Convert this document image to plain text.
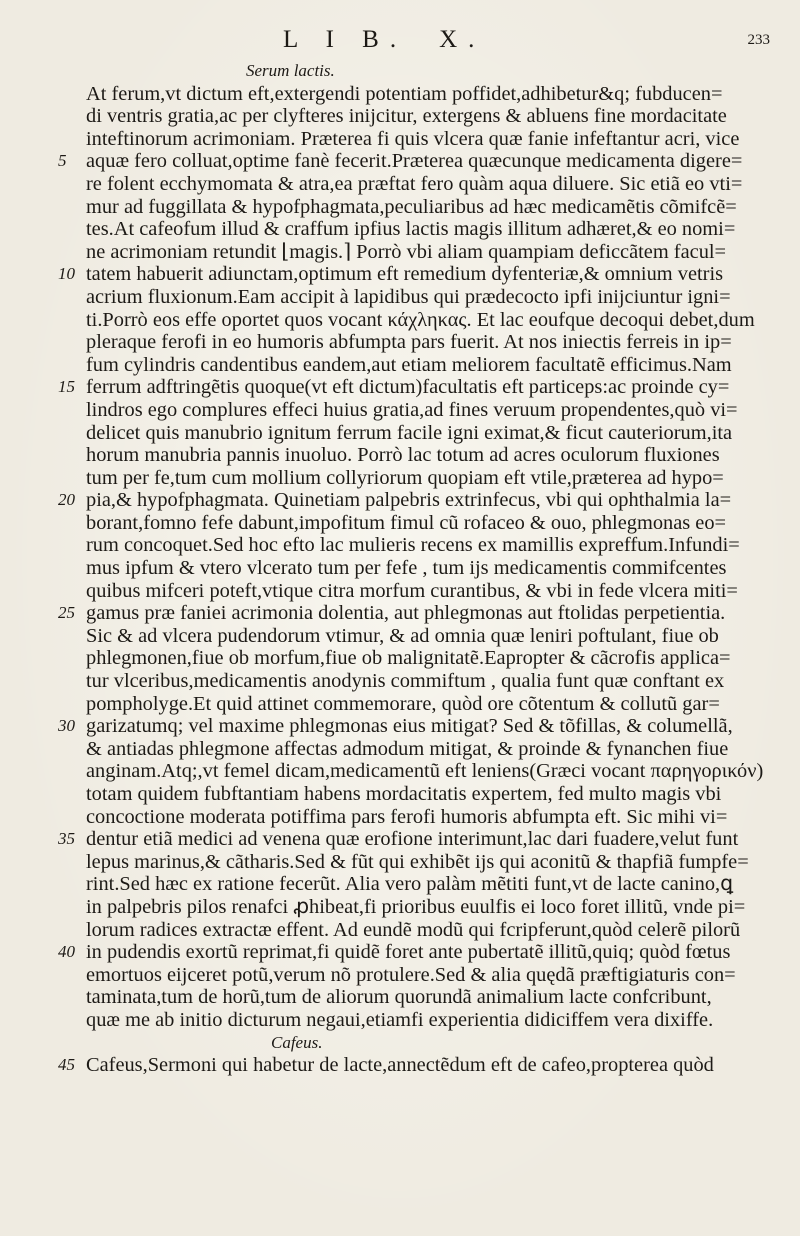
L I B. X.	233
Serum lactis.
At ferum,vt dictum eft,extergendi potentiam poffidet,adhibetur&q; fubducen=
di ventris gratia,ac per clyfteres inijcitur, extergens & abluens fine mordacitate
inteftinorum acrimoniam. Præterea fi quis vlcera quæ fanie infeftantur acri, vice
5 aquæ fero colluat,optime fanè fecerit.Præterea quæcunque medicamenta digere=
re folent ecchymomata & atra,ea præftat fero quàm aqua diluere. Sic etiã eo vti=
mur ad fuggillata & hypofphagmata,peculiaribus ad hæc medicamẽtis cõmifcẽ=
tes.At cafeofum illud & craffum ipfius lactis magis illitum adhæret,& eo nomi=
ne acrimoniam retundit ⌊magis.⌉ Porrò vbi aliam quampiam deficcãtem facul=
10 tatem habuerit adiunctam,optimum eft remedium dyfenteriæ,& omnium vetris
acrium fluxionum.Eam accipit à lapidibus qui prædecocto ipfi inijciuntur igni=
ti.Porrò eos effe oportet quos vocant κάχληκας. Et lac eoufque decoqui debet,dum
pleraque ferofi in eo humoris abfumpta pars fuerit. At nos iniectis ferreis in ip=
fum cylindris candentibus eandem,aut etiam meliorem facultatẽ efficimus.Nam
15 ferrum adftringẽtis quoque(vt eft dictum)facultatis eft particeps:ac proinde cy=
lindros ego complures effeci huius gratia,ad fines veruum propendentes,quò vi=
delicet quis manubrio ignitum ferrum facile igni eximat,& ficut cauteriorum,ita
horum manubria pannis inuoluo. Porrò lac totum ad acres oculorum fluxiones
tum per fe,tum cum mollium collyriorum quopiam eft vtile,præterea ad hypo=
20 pia,& hypofphagmata. Quinetiam palpebris extrinfecus, vbi qui ophthalmia la=
borant,fomno fefe dabunt,impofitum fimul cũ rofaceo & ouo, phlegmonas eo=
rum concoquet.Sed hoc efto lac mulieris recens ex mamillis expreffum.Infundi=
mus ipfum & vtero vlcerato tum per fefe , tum ijs medicamentis commifcentes
quibus mifceri poteft,vtique citra morfum curantibus, & vbi in fede vlcera miti=
25 gamus præ faniei acrimonia dolentia, aut phlegmonas aut ftolidas perpetientia.
Sic & ad vlcera pudendorum vtimur, & ad omnia quæ leniri poftulant, fiue ob
phlegmonen,fiue ob morfum,fiue ob malignitatẽ.Eapropter & cãcrofis applica=
tur vlceribus,medicamentis anodynis commiftum , qualia funt quæ conftant ex
pompholyge.Et quid attinet commemorare, quòd ore cõtentum & collutũ gar=
30 garizatumq; vel maxime phlegmonas eius mitigat? Sed & tõfillas, & columellã,
& antiadas phlegmone affectas admodum mitigat, & proinde & fynanchen fiue
anginam.Atq;,vt femel dicam,medicamentũ eft leniens(Græci vocant παρηγορικόν)
totam quidem fubftantiam habens mordacitatis expertem, fed multo magis vbi
concoctione moderata potiffima pars ferofi humoris abfumpta eft. Sic mihi vi=
35 dentur etiã medici ad venena quæ erofione interimunt,lac dari fuadere,velut funt
lepus marinus,& cãtharis.Sed & fũt qui exhibẽt ijs qui aconitũ & thapfiã fumpfe=
rint.Sed hæc ex ratione fecerũt. Alia vero palàm mẽtiti funt,vt de lacte canino,ꝗ
in palpebris pilos renafci ꝓhibeat,fi prioribus euulfis ei loco foret illitũ, vnde pi=
lorum radices extractæ effent. Ad eundẽ modũ qui fcripferunt,quòd celerẽ pilorũ
40 in pudendis exortũ reprimat,fi quidẽ foret ante pubertatẽ illitũ,quiq; quòd fœtus
emortuos eijceret potũ,verum nõ protulere.Sed & alia quędã præftigiaturis con=
taminata,tum de horũ,tum de aliorum quorundã animalium lacte confcribunt,
quæ me ab initio dicturum negaui,etiamfi experientia didiciffem vera dixiffe.
Cafeus.
45 Cafeus,Sermoni qui habetur de lacte,annectẽdum eft de cafeo,propterea quòd
